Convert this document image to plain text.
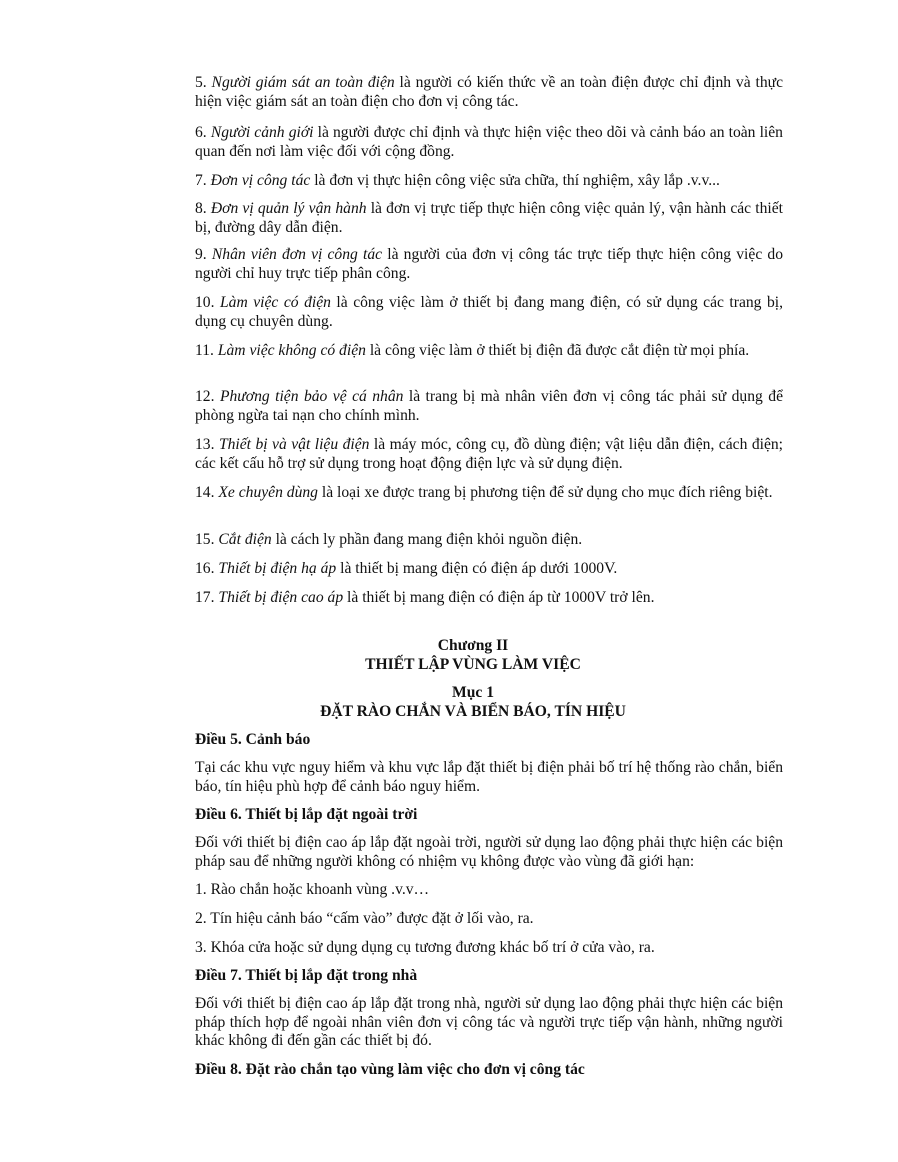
5. Người giám sát an toàn điện là người có kiến thức về an toàn điện được chỉ định và thực hiện việc giám sát an toàn điện cho đơn vị công tác.

6. Người cảnh giới là người được chỉ định và thực hiện việc theo dõi và cảnh báo an toàn liên quan đến nơi làm việc đối với cộng đồng.

7. Đơn vị công tác là đơn vị thực hiện công việc sửa chữa, thí nghiệm, xây lắp .v.v...

8. Đơn vị quản lý vận hành là đơn vị trực tiếp thực hiện công việc quản lý, vận hành các thiết bị, đường dây dẫn điện.

9. Nhân viên đơn vị công tác là người của đơn vị công tác trực tiếp thực hiện công việc do người chỉ huy trực tiếp phân công.

10. Làm việc có điện là công việc làm ở thiết bị đang mang điện, có sử dụng các trang bị, dụng cụ chuyên dùng.

11. Làm việc không có điện là công việc làm ở thiết bị điện đã được cắt điện từ mọi phía.

12. Phương tiện bảo vệ cá nhân là trang bị mà nhân viên đơn vị công tác phải sử dụng để phòng ngừa tai nạn cho chính mình.

13. Thiết bị và vật liệu điện là máy móc, công cụ, đồ dùng điện; vật liệu dẫn điện, cách điện; các kết cấu hỗ trợ sử dụng trong hoạt động điện lực và sử dụng điện.

14. Xe chuyên dùng là loại xe được trang bị phương tiện để sử dụng cho mục đích riêng biệt.

15. Cắt điện là cách ly phần đang mang điện khỏi nguồn điện.

16. Thiết bị điện hạ áp là thiết bị mang điện có điện áp dưới 1000V.

17. Thiết bị điện cao áp là thiết bị mang điện có điện áp từ 1000V trở lên.

Chương II

THIẾT LẬP VÙNG LÀM VIỆC

Mục 1

ĐẶT RÀO CHẮN VÀ BIỂN BÁO, TÍN HIỆU

Điều 5. Cảnh báo

Tại các khu vực nguy hiểm và khu vực lắp đặt thiết bị điện phải bố trí hệ thống rào chắn, biển báo, tín hiệu phù hợp để cảnh báo nguy hiểm.

Điều 6. Thiết bị lắp đặt ngoài trời

Đối với thiết bị điện cao áp lắp đặt ngoài trời, người sử dụng lao động phải thực hiện các biện pháp sau để những người không có nhiệm vụ không được vào vùng đã giới hạn:

1. Rào chắn hoặc khoanh vùng .v.v…

2. Tín hiệu cảnh báo “cấm vào” được đặt ở lối vào, ra.

3. Khóa cửa hoặc sử dụng dụng cụ tương đương khác bố trí ở cửa vào, ra.

Điều 7. Thiết bị lắp đặt trong nhà

Đối với thiết bị điện cao áp lắp đặt trong nhà, người sử dụng lao động phải thực hiện các biện pháp thích hợp để ngoài nhân viên đơn vị công tác và người trực tiếp vận hành, những người khác không đi đến gần các thiết bị đó.

Điều 8. Đặt rào chắn tạo vùng làm việc cho đơn vị công tác
